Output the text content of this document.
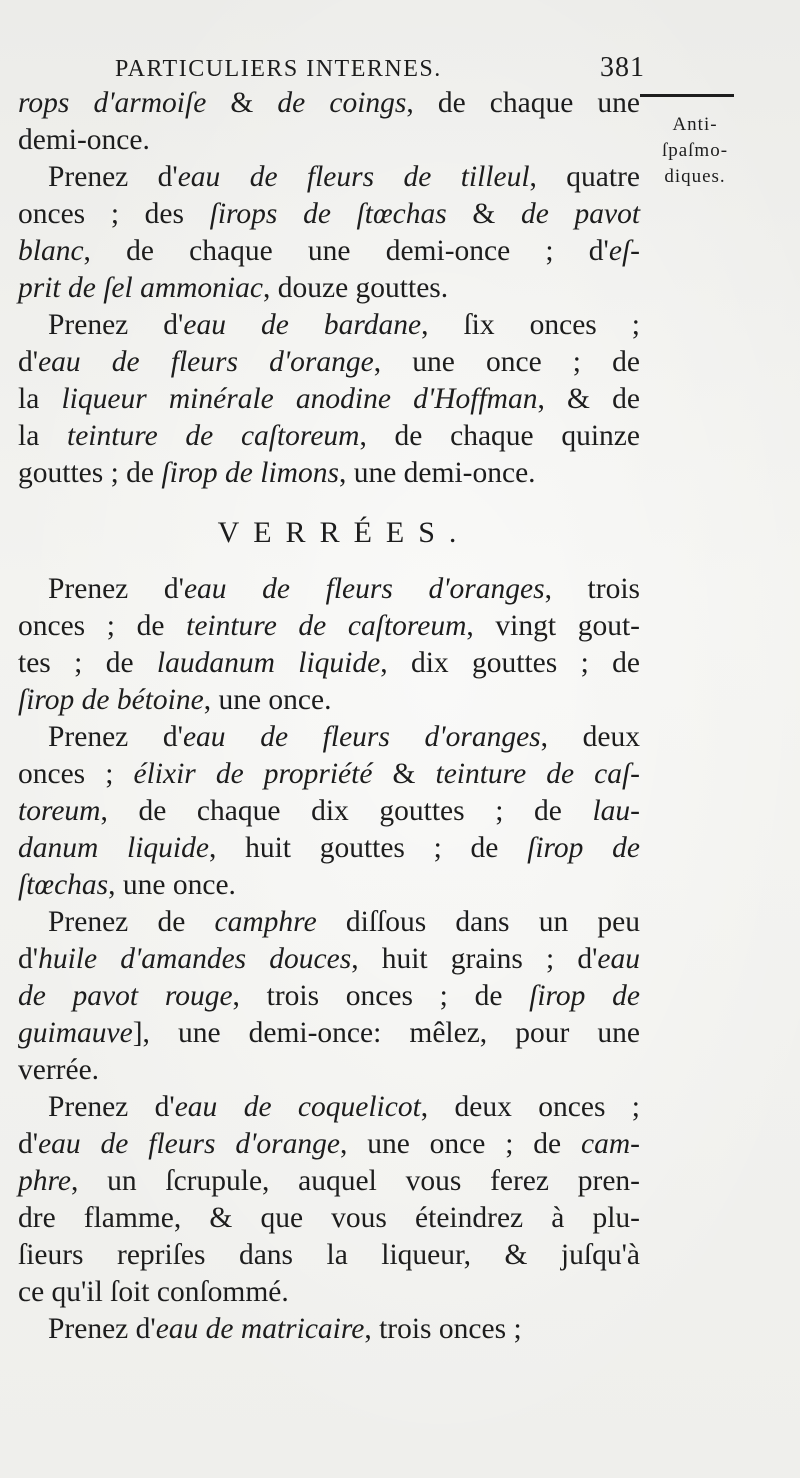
PARTICULIERS INTERNES.	381
Anti-
ſpaſmo-
diques.
rops d'armoiſe & de coings, de chaque une
demi-once.
Prenez d'eau de fleurs de tilleul, quatre
onces ; des ſirops de ſtœchas & de pavot
blanc, de chaque une demi-once ; d'eſ-
prit de ſel ammoniac, douze gouttes.
Prenez d'eau de bardane, ſix onces ;
d'eau de fleurs d'orange, une once ; de
la liqueur minérale anodine d'Hoffman, & de
la teinture de caſtoreum, de chaque quinze
gouttes ; de ſirop de limons, une demi-once.
VERRÉES.
Prenez d'eau de fleurs d'oranges, trois
onces ; de teinture de caſtoreum, vingt gout-
tes ; de laudanum liquide, dix gouttes ; de
ſirop de bétoine, une once.
Prenez d'eau de fleurs d'oranges, deux
onces ; élixir de propriété & teinture de caſ-
toreum, de chaque dix gouttes ; de lau-
danum liquide, huit gouttes ; de ſirop de
ſtœchas, une once.
Prenez de camphre diſſous dans un peu
d'huile d'amandes douces, huit grains ; d'eau
de pavot rouge, trois onces ; de ſirop de
guimauve], une demi-once: mêlez, pour une
verrée.
Prenez d'eau de coquelicot, deux onces ;
d'eau de fleurs d'orange, une once ; de cam-
phre, un ſcrupule, auquel vous ferez pren-
dre flamme, & que vous éteindrez à plu-
ſieurs repriſes dans la liqueur, & juſqu'à
ce qu'il ſoit conſommé.
Prenez d'eau de matricaire, trois onces ;
